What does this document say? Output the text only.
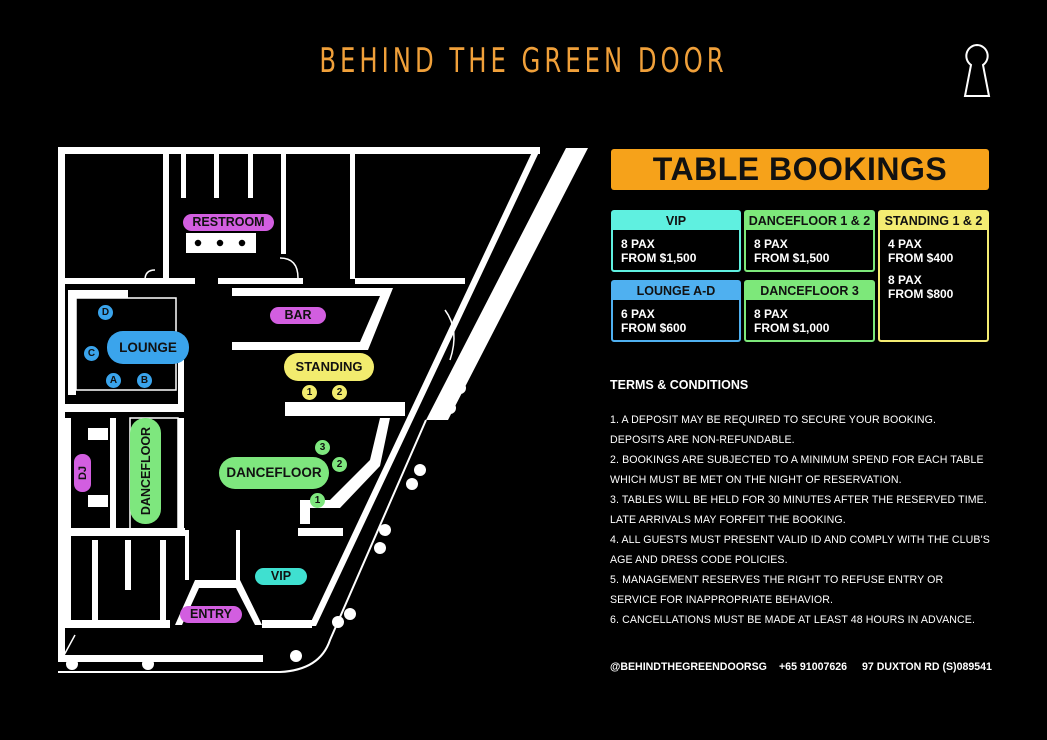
BEHIND THE GREEN DOOR
RESTROOM
BAR
LOUNGE
STANDING
DANCEFLOOR
DANCEFLOOR
DJ
VIP
ENTRY
D
C
A	B
1	2
3
2
1
TABLE BOOKINGS
VIP
8 PAX
FROM $1,500
DANCEFLOOR 1 & 2
8 PAX
FROM $1,500
STANDING 1 & 2
4 PAX
FROM $400
8 PAX
FROM $800
LOUNGE A-D
6 PAX
FROM $600
DANCEFLOOR 3
8 PAX
FROM $1,000
TERMS & CONDITIONS
1. A DEPOSIT MAY BE REQUIRED TO SECURE YOUR BOOKING.
DEPOSITS ARE NON-REFUNDABLE.
2. BOOKINGS ARE SUBJECTED TO A MINIMUM SPEND FOR EACH TABLE
WHICH MUST BE MET ON THE NIGHT OF RESERVATION.
3. TABLES WILL BE HELD FOR 30 MINUTES AFTER THE RESERVED TIME.
LATE ARRIVALS MAY FORFEIT THE BOOKING.
4. ALL GUESTS MUST PRESENT VALID ID AND COMPLY WITH THE CLUB'S
AGE AND DRESS CODE POLICIES.
5. MANAGEMENT RESERVES THE RIGHT TO REFUSE ENTRY OR
SERVICE FOR INAPPROPRIATE BEHAVIOR.
6. CANCELLATIONS MUST BE MADE AT LEAST 48 HOURS IN ADVANCE.
@BEHINDTHEGREENDOORSG +65 91007626 97 DUXTON RD (S)089541
